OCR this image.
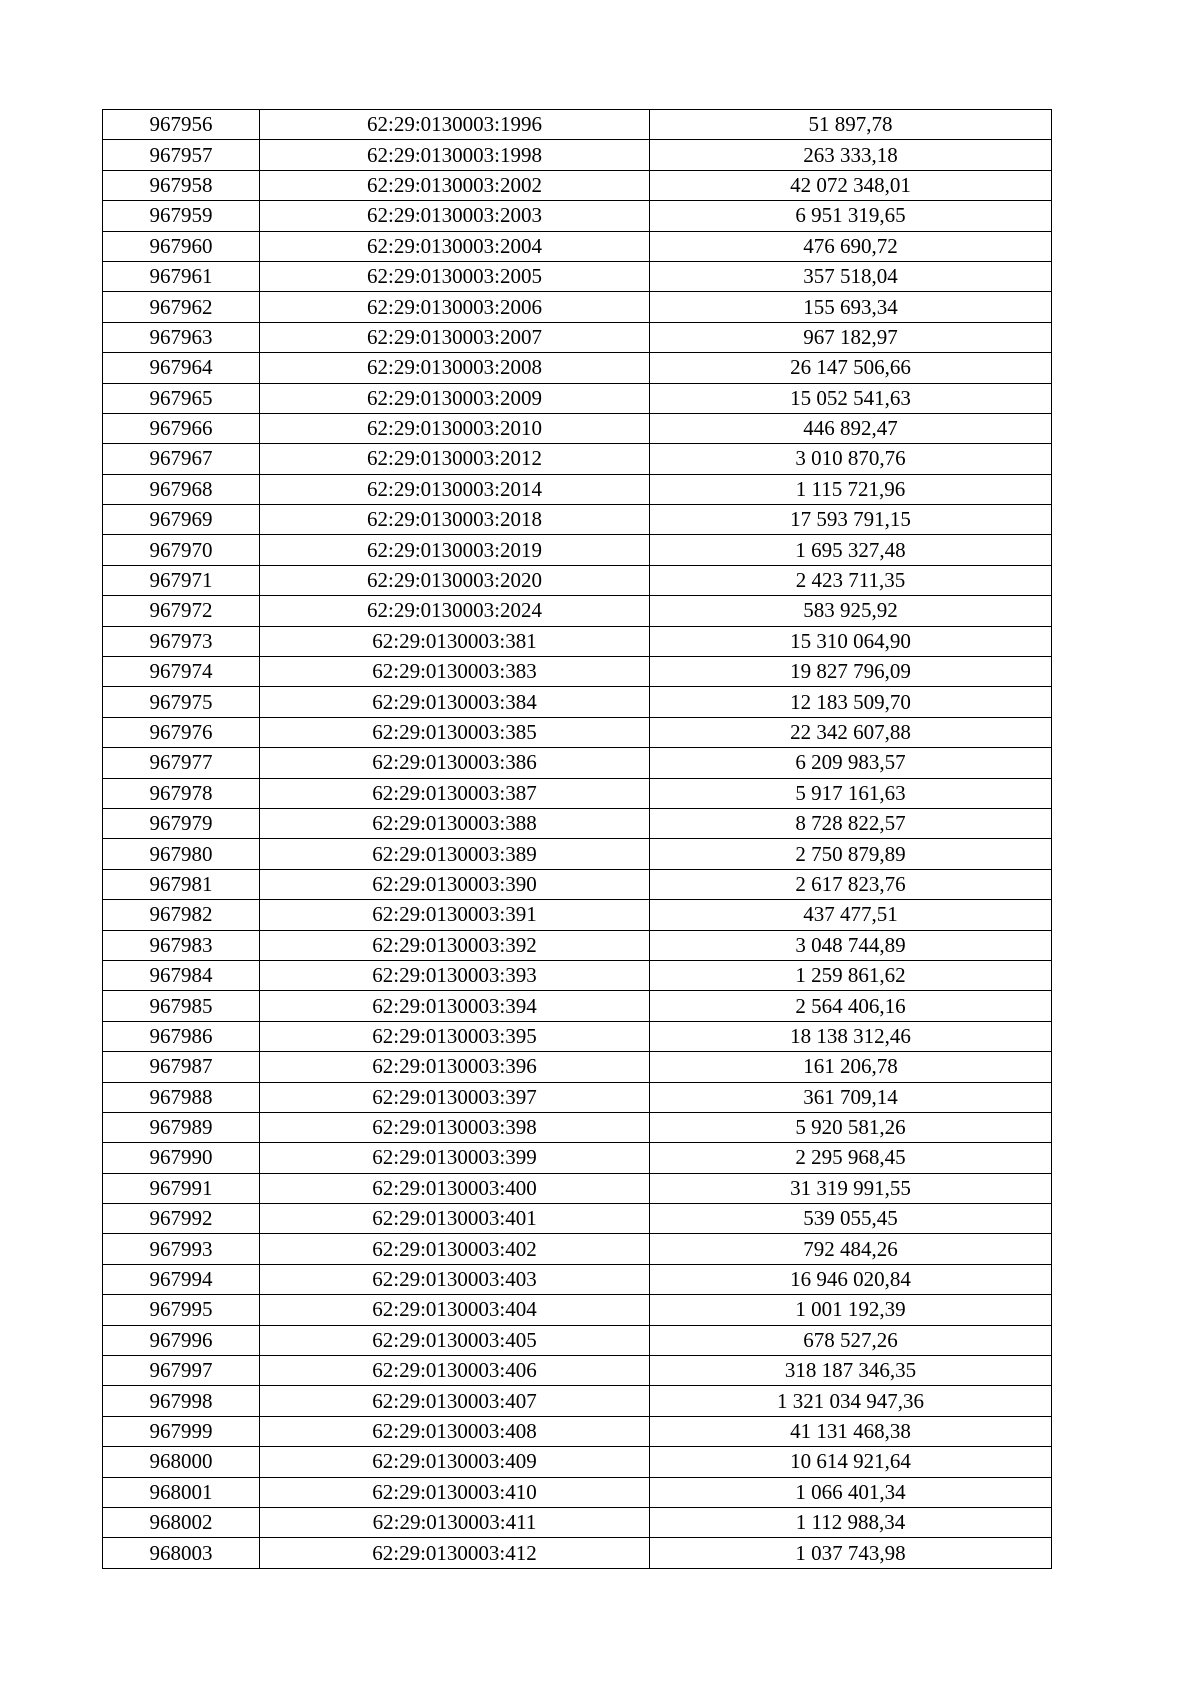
967956	62:29:0130003:1996	51 897,78
967957	62:29:0130003:1998	263 333,18
967958	62:29:0130003:2002	42 072 348,01
967959	62:29:0130003:2003	6 951 319,65
967960	62:29:0130003:2004	476 690,72
967961	62:29:0130003:2005	357 518,04
967962	62:29:0130003:2006	155 693,34
967963	62:29:0130003:2007	967 182,97
967964	62:29:0130003:2008	26 147 506,66
967965	62:29:0130003:2009	15 052 541,63
967966	62:29:0130003:2010	446 892,47
967967	62:29:0130003:2012	3 010 870,76
967968	62:29:0130003:2014	1 115 721,96
967969	62:29:0130003:2018	17 593 791,15
967970	62:29:0130003:2019	1 695 327,48
967971	62:29:0130003:2020	2 423 711,35
967972	62:29:0130003:2024	583 925,92
967973	62:29:0130003:381	15 310 064,90
967974	62:29:0130003:383	19 827 796,09
967975	62:29:0130003:384	12 183 509,70
967976	62:29:0130003:385	22 342 607,88
967977	62:29:0130003:386	6 209 983,57
967978	62:29:0130003:387	5 917 161,63
967979	62:29:0130003:388	8 728 822,57
967980	62:29:0130003:389	2 750 879,89
967981	62:29:0130003:390	2 617 823,76
967982	62:29:0130003:391	437 477,51
967983	62:29:0130003:392	3 048 744,89
967984	62:29:0130003:393	1 259 861,62
967985	62:29:0130003:394	2 564 406,16
967986	62:29:0130003:395	18 138 312,46
967987	62:29:0130003:396	161 206,78
967988	62:29:0130003:397	361 709,14
967989	62:29:0130003:398	5 920 581,26
967990	62:29:0130003:399	2 295 968,45
967991	62:29:0130003:400	31 319 991,55
967992	62:29:0130003:401	539 055,45
967993	62:29:0130003:402	792 484,26
967994	62:29:0130003:403	16 946 020,84
967995	62:29:0130003:404	1 001 192,39
967996	62:29:0130003:405	678 527,26
967997	62:29:0130003:406	318 187 346,35
967998	62:29:0130003:407	1 321 034 947,36
967999	62:29:0130003:408	41 131 468,38
968000	62:29:0130003:409	10 614 921,64
968001	62:29:0130003:410	1 066 401,34
968002	62:29:0130003:411	1 112 988,34
968003	62:29:0130003:412	1 037 743,98
